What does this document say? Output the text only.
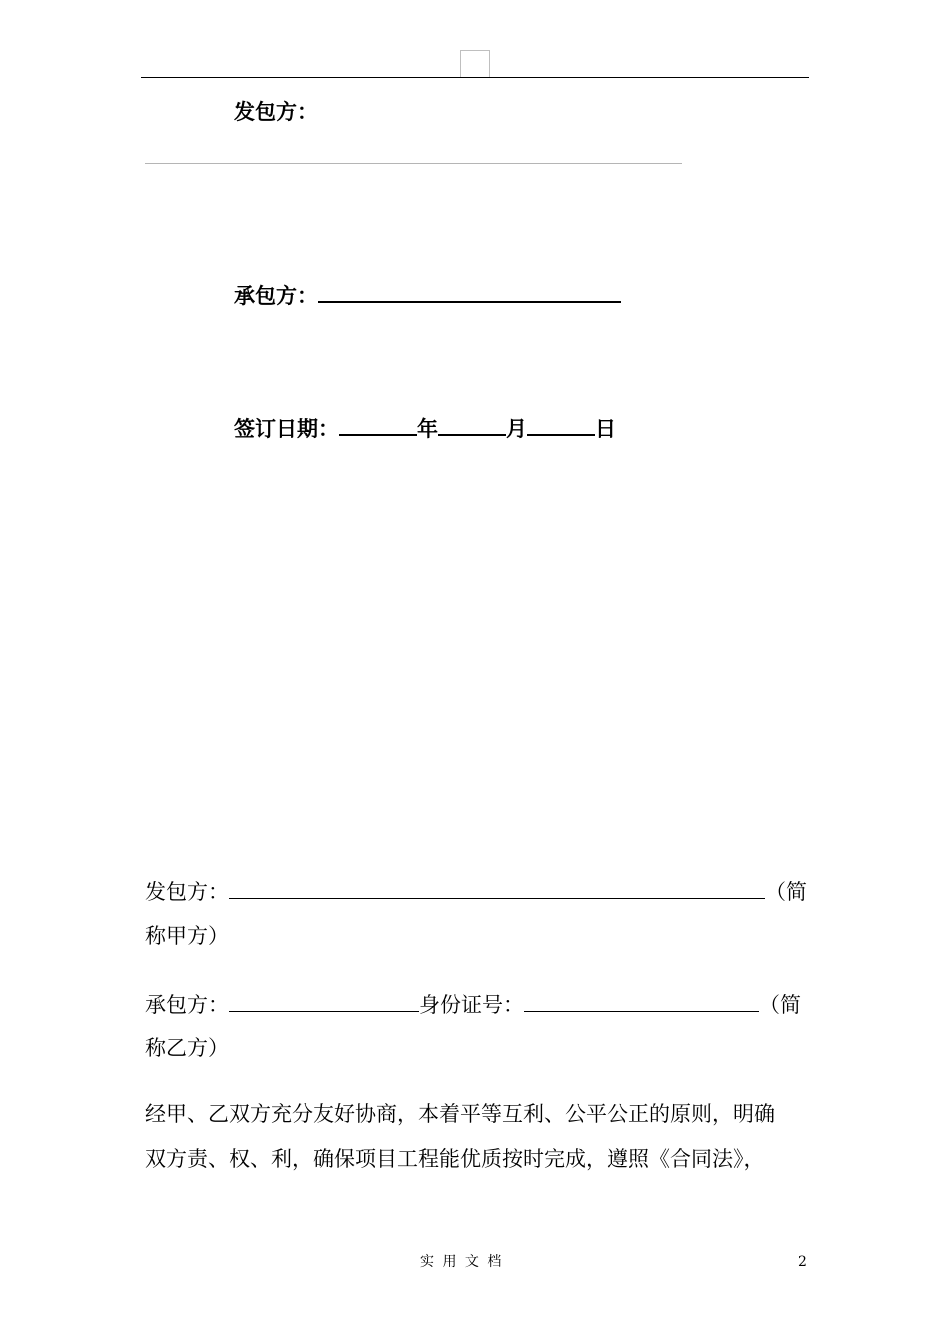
发包方：
承包方：
签订日期：	年	月	日
发包方：	（简
称甲方）
承包方：	身份证号：	（简
称乙方）
经甲、乙双方充分友好协商，本着平等互利、公平公正的原则，明确
双方责、权、利，确保项目工程能优质按时完成，遵照《合同法》，
实 用 文 档	2
